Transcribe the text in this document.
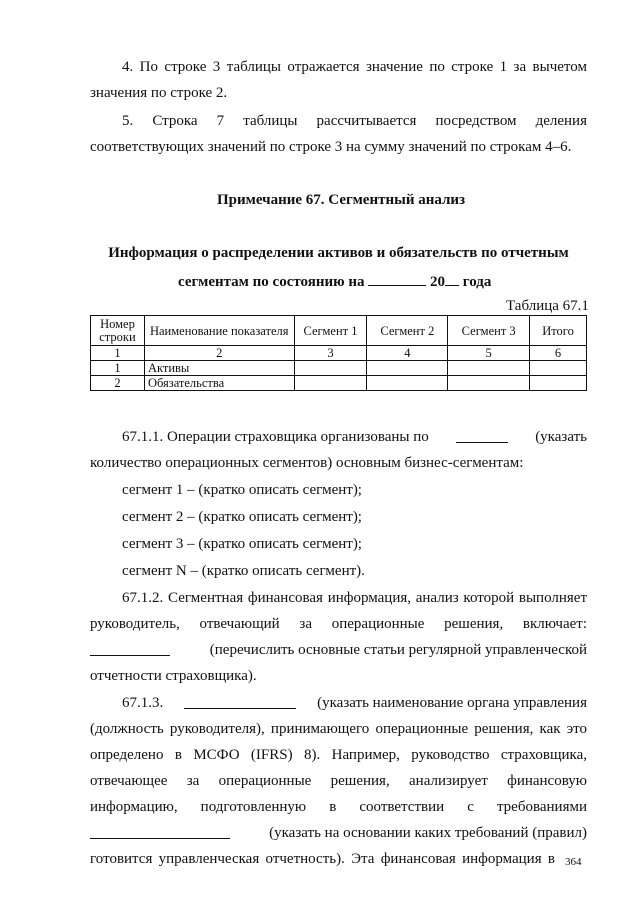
4. По строке 3 таблицы отражается значение по строке 1 за вычетом
значения по строке 2.
5. Строка 7 таблицы рассчитывается посредством деления
соответствующих значений по строке 3 на сумму значений по строкам 4–6.
Примечание 67. Сегментный анализ
Информация о распределении активов и обязательств по отчетным
сегментам по состоянию на	20 года
Таблица 67.1
Номер строки	Наименование показателя	Сегмент 1	Сегмент 2	Сегмент 3	Итого
1	2	3	4	5	6
1	Активы				
2	Обязательства				
67.1.1. Операции страховщика организованы по	(указать
количество операционных сегментов) основным бизнес-сегментам:
сегмент 1 – (кратко описать сегмент);
сегмент 2 – (кратко описать сегмент);
сегмент 3 – (кратко описать сегмент);
сегмент N – (кратко описать сегмент).
67.1.2. Сегментная финансовая информация, анализ которой выполняет
руководитель, отвечающий за операционные решения, включает:
(перечислить основные статьи регулярной управленческой
отчетности страховщика).
67.1.3.	(указать наименование органа управления
(должность руководителя), принимающего операционные решения, как это
определено в МСФО (IFRS) 8). Например, руководство страховщика,
отвечающее за операционные решения, анализирует финансовую
информацию, подготовленную в соответствии с требованиями
(указать на основании каких требований (правил)
готовится управленческая отчетность). Эта финансовая информация в 364
